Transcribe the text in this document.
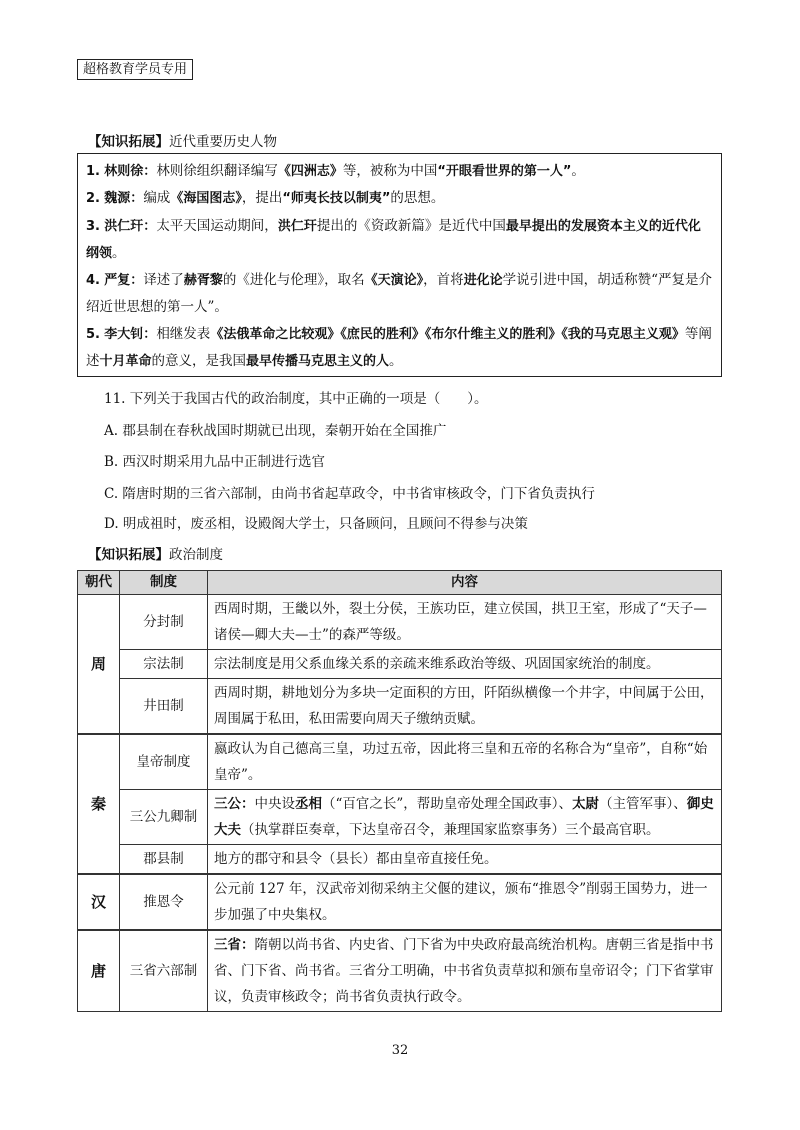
超格教育学员专用
【知识拓展】近代重要历史人物

1. 林则徐：林则徐组织翻译编写《四洲志》等，被称为中国“开眼看世界的第一人”。

2. 魏源：编成《海国图志》，提出“师夷长技以制夷”的思想。

3. 洪仁玕：太平天国运动期间，洪仁玕提出的《资政新篇》是近代中国最早提出的发展资本主义的近代化纲领。

4. 严复：译述了赫胥黎的《进化与伦理》，取名《天演论》，首将进化论学说引进中国，胡适称赞“严复是介绍近世思想的第一人”。

5. 李大钊：相继发表《法俄革命之比较观》《庶民的胜利》《布尔什维主义的胜利》《我的马克思主义观》等阐述十月革命的意义，是我国最早传播马克思主义的人。

11. 下列关于我国古代的政治制度，其中正确的一项是（　　）。
A. 郡县制在春秋战国时期就已出现，秦朝开始在全国推广
B. 西汉时期采用九品中正制进行选官
C. 隋唐时期的三省六部制，由尚书省起草政令，中书省审核政令，门下省负责执行
D. 明成祖时，废丞相，设殿阁大学士，只备顾问，且顾问不得参与决策
【知识拓展】政治制度
朝代	制度	内容
周	分封制	西周时期，王畿以外，裂土分侯，王族功臣，建立侯国，拱卫王室，形成了“天子—诸侯—卿大夫—士”的森严等级。
	宗法制	宗法制度是用父系血缘关系的亲疏来维系政治等级、巩固国家统治的制度。
	井田制	西周时期，耕地划分为多块一定面积的方田，阡陌纵横像一个井字，中间属于公田，周围属于私田，私田需要向周天子缴纳贡赋。
秦	皇帝制度	嬴政认为自己德高三皇，功过五帝，因此将三皇和五帝的名称合为“皇帝”，自称“始皇帝”。
	三公九卿制	三公：中央设丞相（“百官之长”，帮助皇帝处理全国政事）、太尉（主管军事）、御史大夫（执掌群臣奏章，下达皇帝召令，兼理国家监察事务）三个最高官职。
	郡县制	地方的郡守和县令（县长）都由皇帝直接任免。
汉	推恩令	公元前 127 年，汉武帝刘彻采纳主父偃的建议，颁布“推恩令”削弱王国势力，进一步加强了中央集权。
唐	三省六部制	三省：隋朝以尚书省、内史省、门下省为中央政府最高统治机构。唐朝三省是指中书省、门下省、尚书省。三省分工明确，中书省负责草拟和颁布皇帝诏令；门下省掌审议，负责审核政令；尚书省负责执行政令。
32
